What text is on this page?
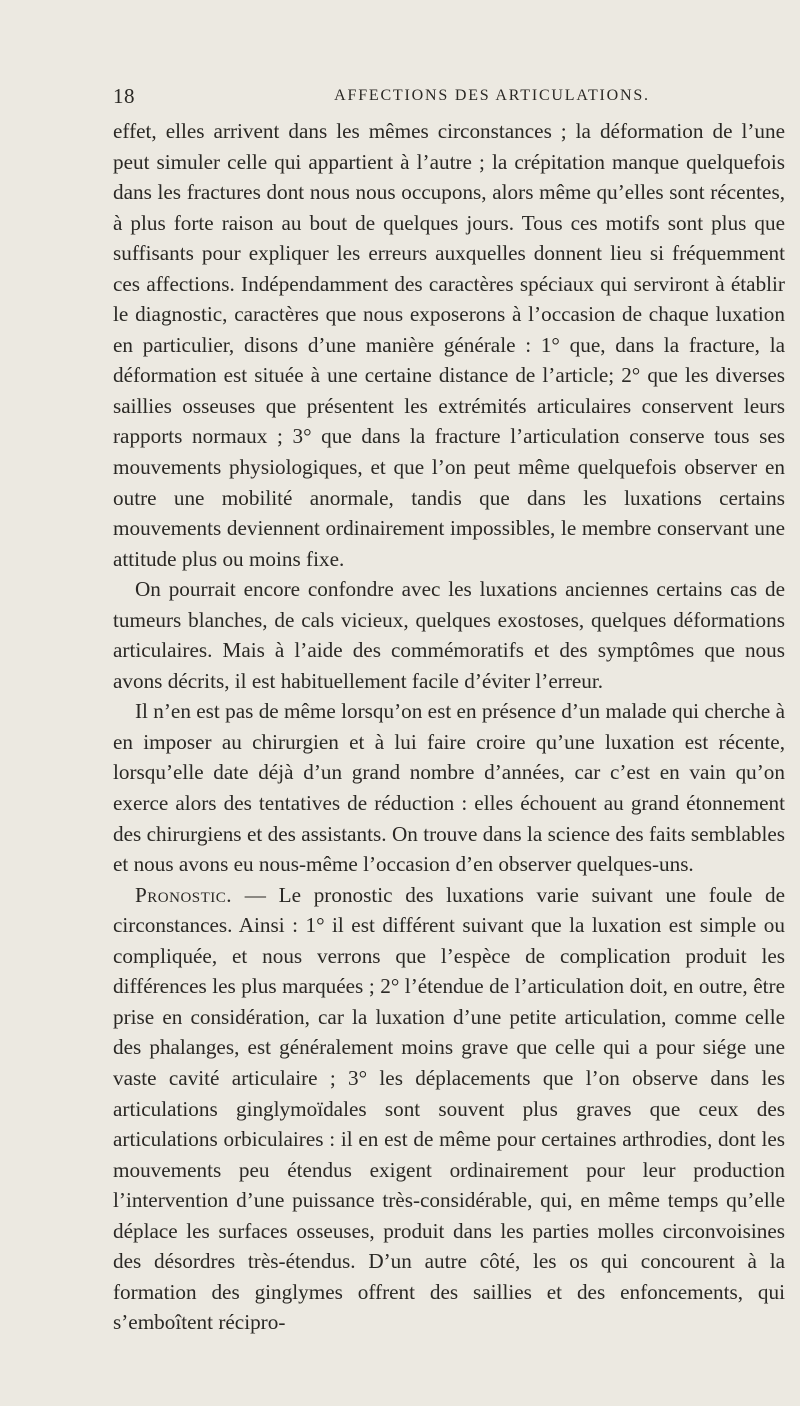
18	AFFECTIONS DES ARTICULATIONS.

effet, elles arrivent dans les mêmes circonstances ; la déformation de l’une peut simuler celle qui appartient à l’autre ; la crépitation manque quelquefois dans les fractures dont nous nous occupons, alors même qu’elles sont récentes, à plus forte raison au bout de quelques jours. Tous ces motifs sont plus que suffisants pour expliquer les erreurs auxquelles donnent lieu si fréquemment ces affections. Indépendamment des caractères spéciaux qui serviront à établir le diagnostic, caractères que nous exposerons à l’occasion de chaque luxation en particulier, disons d’une manière générale : 1° que, dans la fracture, la déformation est située à une certaine distance de l’article; 2° que les diverses saillies osseuses que présentent les extrémités articulaires conservent leurs rapports normaux ; 3° que dans la fracture l’articulation conserve tous ses mouvements physiologiques, et que l’on peut même quelquefois observer en outre une mobilité anormale, tandis que dans les luxations certains mouvements deviennent ordinairement impossibles, le membre conservant une attitude plus ou moins fixe.

On pourrait encore confondre avec les luxations anciennes certains cas de tumeurs blanches, de cals vicieux, quelques exostoses, quelques déformations articulaires. Mais à l’aide des commémoratifs et des symptômes que nous avons décrits, il est habituellement facile d’éviter l’erreur.

Il n’en est pas de même lorsqu’on est en présence d’un malade qui cherche à en imposer au chirurgien et à lui faire croire qu’une luxation est récente, lorsqu’elle date déjà d’un grand nombre d’années, car c’est en vain qu’on exerce alors des tentatives de réduction : elles échouent au grand étonnement des chirurgiens et des assistants. On trouve dans la science des faits semblables et nous avons eu nous-même l’occasion d’en observer quelques-uns.

Pronostic. — Le pronostic des luxations varie suivant une foule de circonstances. Ainsi : 1° il est différent suivant que la luxation est simple ou compliquée, et nous verrons que l’espèce de complication produit les différences les plus marquées ; 2° l’étendue de l’articulation doit, en outre, être prise en considération, car la luxation d’une petite articulation, comme celle des phalanges, est généralement moins grave que celle qui a pour siége une vaste cavité articulaire ; 3° les déplacements que l’on observe dans les articulations ginglymoïdales sont souvent plus graves que ceux des articulations orbiculaires : il en est de même pour certaines arthrodies, dont les mouvements peu étendus exigent ordinairement pour leur production l’intervention d’une puissance très-considérable, qui, en même temps qu’elle déplace les surfaces osseuses, produit dans les parties molles circonvoisines des désordres très-étendus. D’un autre côté, les os qui concourent à la formation des ginglymes offrent des saillies et des enfoncements, qui s’emboîtent récipro-
